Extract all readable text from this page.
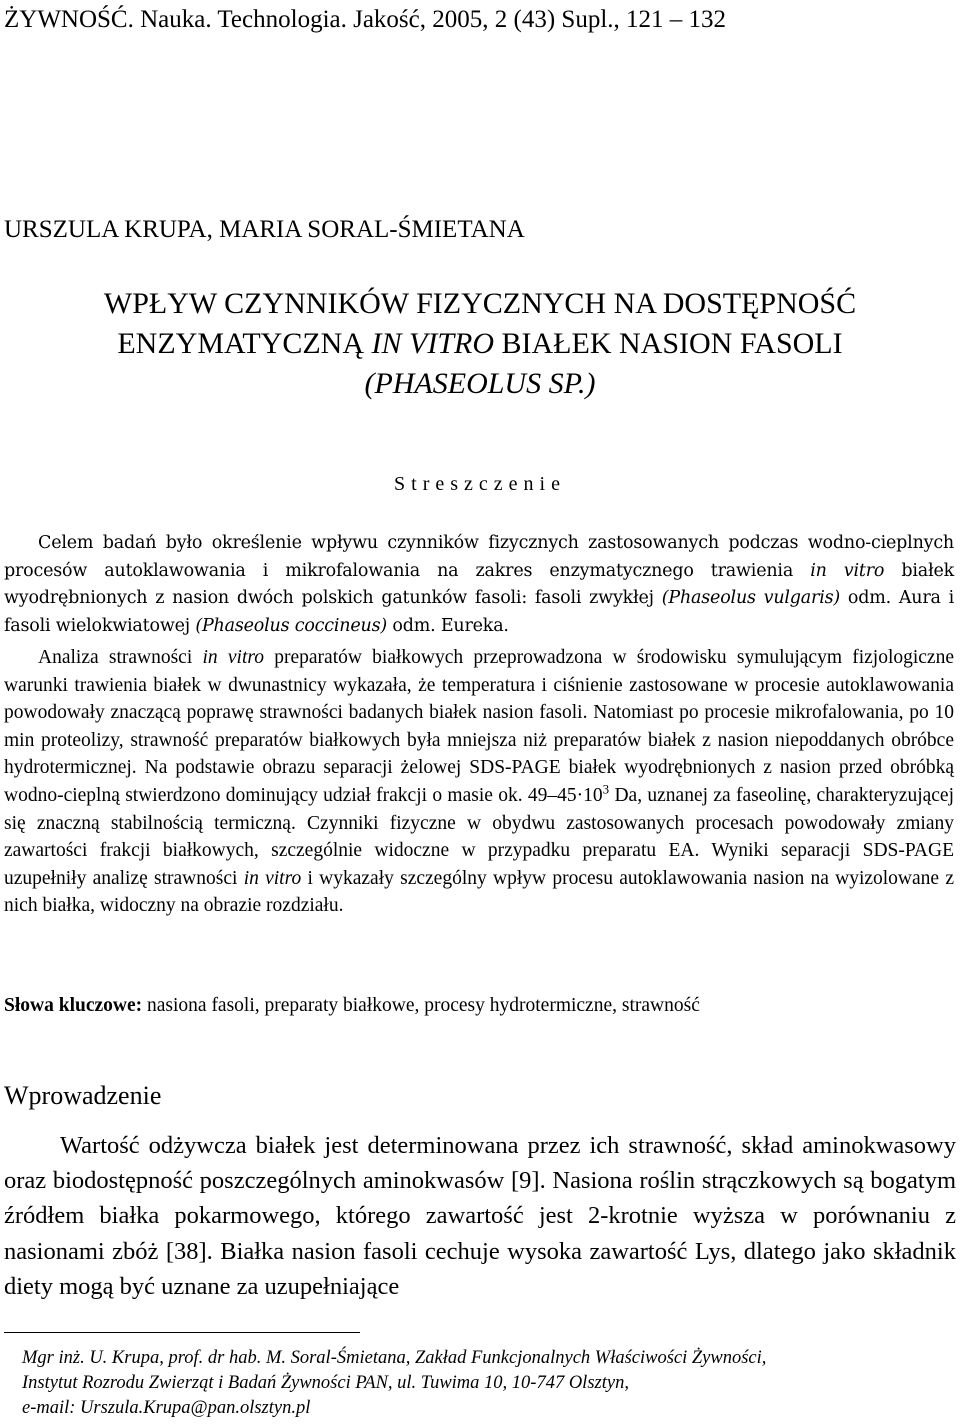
ŻYWNOŚĆ. Nauka. Technologia. Jakość, 2005, 2 (43) Supl., 121 – 132
URSZULA KRUPA, MARIA SORAL-ŚMIETANA
WPŁYW CZYNNIKÓW FIZYCZNYCH NA DOSTĘPNOŚĆ
ENZYMATYCZNĄ IN VITRO BIAŁEK NASION FASOLI
(PHASEOLUS SP.)
Streszczenie

Celem badań było określenie wpływu czynników fizycznych zastosowanych podczas wodno-cieplnych procesów autoklawowania i mikrofalowania na zakres enzymatycznego trawienia in vitro białek wyodrębnionych z nasion dwóch polskich gatunków fasoli: fasoli zwykłej (Phaseolus vulgaris) odm. Aura i fasoli wielokwiatowej (Phaseolus coccineus) odm. Eureka.

Analiza strawności in vitro preparatów białkowych przeprowadzona w środowisku symulującym fizjologiczne warunki trawienia białek w dwunastnicy wykazała, że temperatura i ciśnienie zastosowane w procesie autoklawowania powodowały znaczącą poprawę strawności badanych białek nasion fasoli. Natomiast po procesie mikrofalowania, po 10 min proteolizy, strawność preparatów białkowych była mniejsza niż preparatów białek z nasion niepoddanych obróbce hydrotermicznej. Na podstawie obrazu separacji żelowej SDS-PAGE białek wyodrębnionych z nasion przed obróbką wodno-cieplną stwierdzono dominujący udział frakcji o masie ok. $49-45\cdot 10^3$ Da, uznanej za faseolinę, charakteryzującej się znaczną stabilnością termiczną. Czynniki fizyczne w obydwu zastosowanych procesach powodowały zmiany zawartości frakcji białkowych, szczególnie widoczne w przypadku preparatu EA. Wyniki separacji SDS-PAGE uzupełniły analizę strawności in vitro i wykazały szczególny wpływ procesu autoklawowania nasion na wyizolowane z nich białka, widoczny na obrazie rozdziału.

Słowa kluczowe: nasiona fasoli, preparaty białkowe, procesy hydrotermiczne, strawność
Wprowadzenie

Wartość odżywcza białek jest determinowana przez ich strawność, skład aminokwasowy oraz biodostępność poszczególnych aminokwasów [9]. Nasiona roślin strączkowych są bogatym źródłem białka pokarmowego, którego zawartość jest 2-krotnie wyższa w porównaniu z nasionami zbóż [38]. Białka nasion fasoli cechuje wysoka zawartość Lys, dlatego jako składnik diety mogą być uznane za uzupełniające

Mgr inż. U. Krupa, prof. dr hab. M. Soral-Śmietana, Zakład Funkcjonalnych Właściwości Żywności,
Instytut Rozrodu Zwierząt i Badań Żywności PAN, ul. Tuwima 10, 10-747 Olsztyn,
e-mail: Urszula.Krupa@pan.olsztyn.pl
